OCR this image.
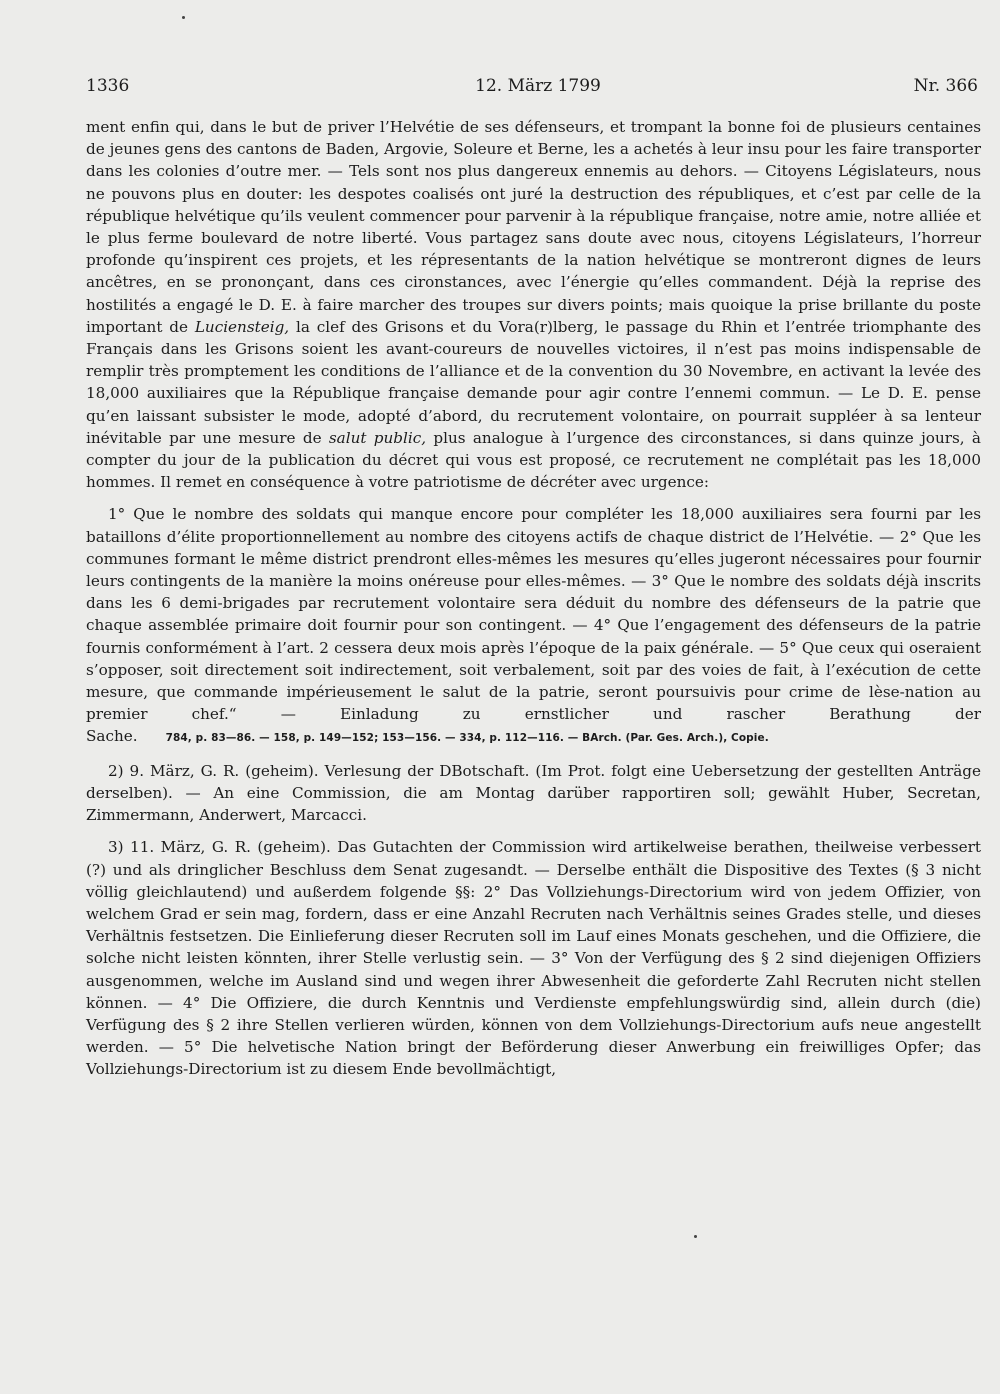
1336	12. März 1799	Nr. 366

ment enfin qui, dans le but de priver l’Helvétie de ses défenseurs, et trompant la bonne foi de plusieurs centaines de jeunes gens des cantons de Baden, Argovie, Soleure et Berne, les a achetés à leur insu pour les faire transporter dans les colonies d’outre mer. — Tels sont nos plus dangereux ennemis au dehors. — Citoyens Législateurs, nous ne pouvons plus en douter: les despotes coalisés ont juré la destruction des républiques, et c’est par celle de la république helvétique qu’ils veulent commencer pour parvenir à la république française, notre amie, notre alliée et le plus ferme boulevard de notre liberté. Vous partagez sans doute avec nous, citoyens Législateurs, l’horreur profonde qu’inspirent ces projets, et les répresentants de la nation helvétique se montreront dignes de leurs ancêtres, en se prononçant, dans ces cironstances, avec l’énergie qu’elles commandent. Déjà la reprise des hostilités a engagé le D. E. à faire marcher des troupes sur divers points; mais quoique la prise brillante du poste important de Luciensteig, la clef des Grisons et du Vora(r)lberg, le passage du Rhin et l’entrée triomphante des Français dans les Grisons soient les avant-coureurs de nouvelles victoires, il n’est pas moins indispensable de remplir très promptement les conditions de l’alliance et de la convention du 30 Novembre, en activant la levée des 18,000 auxiliaires que la République française demande pour agir contre l’ennemi commun. — Le D. E. pense qu’en laissant subsister le mode, adopté d’abord, du recrutement volontaire, on pourrait suppléer à sa lenteur inévitable par une mesure de salut public, plus analogue à l’urgence des circonstances, si dans quinze jours, à compter du jour de la publication du décret qui vous est proposé, ce recrutement ne complétait pas les 18,000 hommes. Il remet en conséquence à votre patriotisme de décréter avec urgence:

1° Que le nombre des soldats qui manque encore pour compléter les 18,000 auxiliaires sera fourni par les bataillons d’élite proportionnellement au nombre des citoyens actifs de chaque district de l’Helvétie. — 2° Que les communes formant le même district prendront elles-mêmes les mesures qu’elles jugeront nécessaires pour fournir leurs contingents de la manière la moins onéreuse pour elles-mêmes. — 3° Que le nombre des soldats déjà inscrits dans les 6 demi-brigades par recrutement volontaire sera déduit du nombre des défenseurs de la patrie que chaque assemblée primaire doit fournir pour son contingent. — 4° Que l’engagement des défenseurs de la patrie fournis conformément à l’art. 2 cessera deux mois après l’époque de la paix générale. — 5° Que ceux qui oseraient s’opposer, soit directement soit indirectement, soit verbalement, soit par des voies de fait, à l’exécution de cette mesure, que commande impérieusement le salut de la patrie, seront poursuivis pour crime de lèse-nation au premier chef.“ — Einladung zu ernstlicher und rascher Berathung der Sache.	784, p. 83—86. — 158, p. 149—152; 153—156. — 334, p. 112—116. — BArch. (Par. Ges. Arch.), Copie.

2) 9. März, G. R. (geheim). Verlesung der DBotschaft. (Im Prot. folgt eine Uebersetzung der gestellten Anträge derselben). — An eine Commission, die am Montag darüber rapportiren soll; gewählt Huber, Secretan, Zimmermann, Anderwert, Marcacci.

3) 11. März, G. R. (geheim). Das Gutachten der Commission wird artikelweise berathen, theilweise verbessert (?) und als dringlicher Beschluss dem Senat zugesandt. — Derselbe enthält die Dispositive des Textes (§ 3 nicht völlig gleichlautend) und außerdem folgende §§: 2° Das Vollziehungs-Directorium wird von jedem Offizier, von welchem Grad er sein mag, fordern, dass er eine Anzahl Recruten nach Verhältnis seines Grades stelle, und dieses Verhältnis festsetzen. Die Einlieferung dieser Recruten soll im Lauf eines Monats geschehen, und die Offiziere, die solche nicht leisten könnten, ihrer Stelle verlustig sein. — 3° Von der Verfügung des § 2 sind diejenigen Offiziers ausgenommen, welche im Ausland sind und wegen ihrer Abwesenheit die geforderte Zahl Recruten nicht stellen können. — 4° Die Offiziere, die durch Kenntnis und Verdienste empfehlungswürdig sind, allein durch (die) Verfügung des § 2 ihre Stellen verlieren würden, können von dem Vollziehungs-Directorium aufs neue angestellt werden. — 5° Die helvetische Nation bringt der Beförderung dieser Anwerbung ein freiwilliges Opfer; das Vollziehungs-Directorium ist zu diesem Ende bevollmächtigt,
